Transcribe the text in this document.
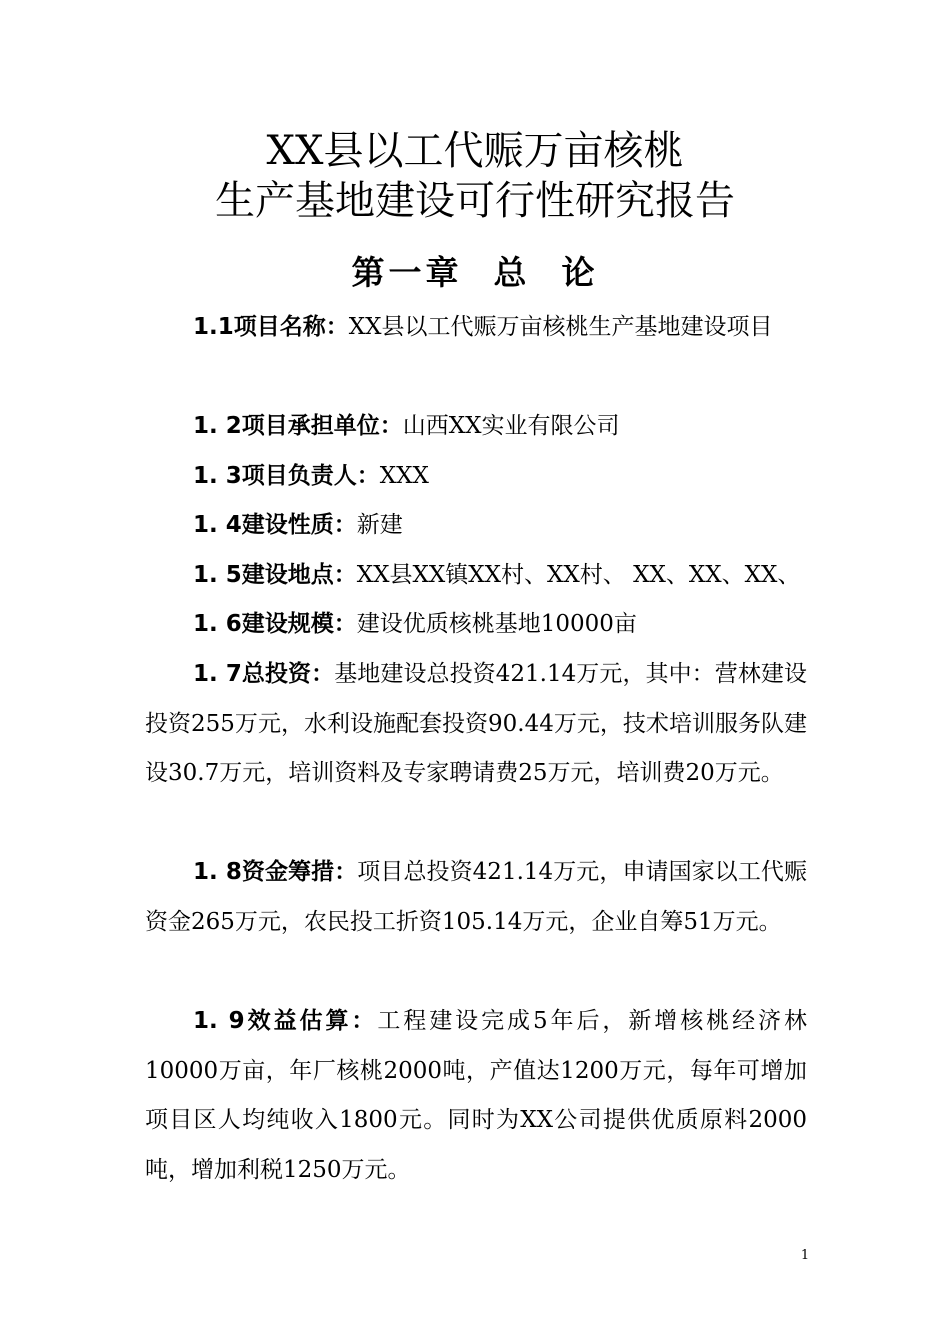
XX县以工代赈万亩核桃
生产基地建设可行性研究报告
第一章  总  论
1.1项目名称：XX县以工代赈万亩核桃生产基地建设项目
1. 2项目承担单位：山西XX实业有限公司
1. 3项目负责人：XXX
1. 4建设性质：新建
1. 5建设地点：XX县XX镇XX村、XX村、 XX、XX、XX、
1. 6建设规模：建设优质核桃基地10000亩
1. 7总投资：基地建设总投资421.14万元，其中：营林建设投资255万元，水利设施配套投资90.44万元，技术培训服务队建设30.7万元，培训资料及专家聘请费25万元，培训费20万元。
1. 8资金筹措：项目总投资421.14万元，申请国家以工代赈资金265万元，农民投工折资105.14万元，企业自筹51万元。
1. 9效益估算：工程建设完成5年后，新增核桃经济林10000万亩，年厂核桃2000吨，产值达1200万元，每年可增加项目区人均纯收入1800元。同时为XX公司提供优质原料2000吨，增加利税1250万元。
1
